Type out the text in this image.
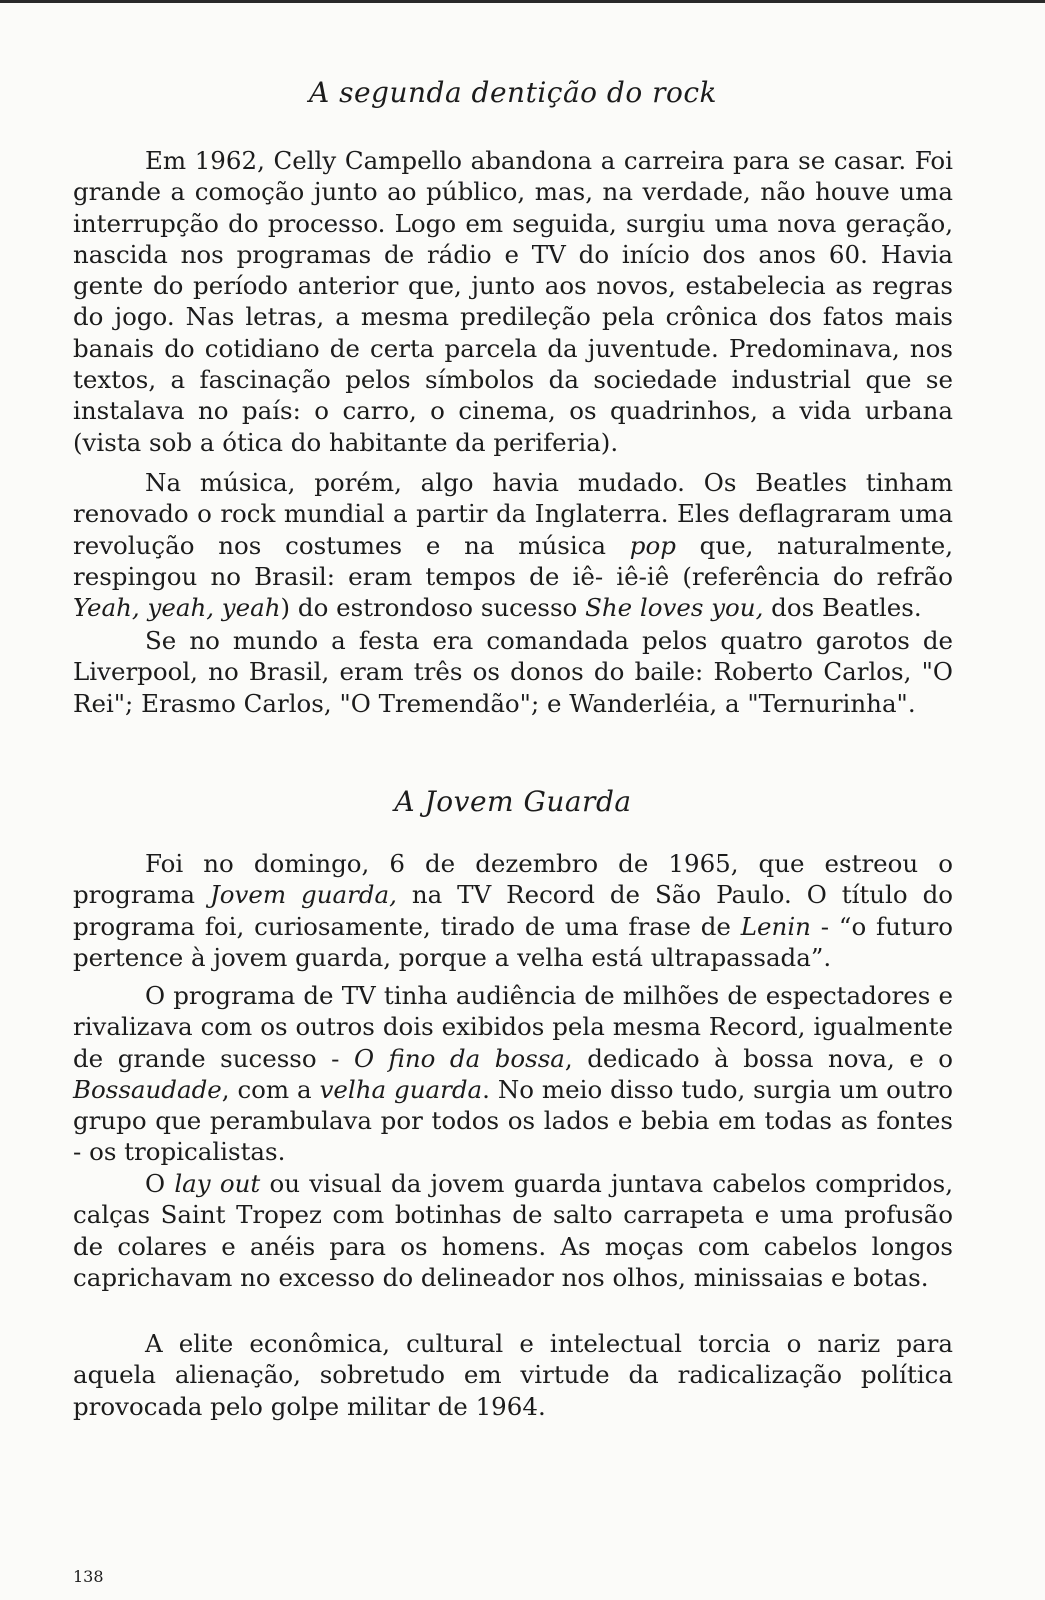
A segunda dentição do rock

Em 1962, Celly Campello abandona a carreira para se casar. Foi grande a comoção junto ao público, mas, na verdade, não houve uma interrupção do processo. Logo em seguida, surgiu uma nova geração, nascida nos programas de rádio e TV do início dos anos 60. Havia gente do período anterior que, junto aos novos, estabelecia as regras do jogo. Nas letras, a mesma predileção pela crônica dos fatos mais banais do cotidiano de certa parcela da juventude. Predominava, nos textos, a fascinação pelos símbolos da sociedade industrial que se instalava no país: o carro, o cinema, os quadrinhos, a vida urbana (vista sob a ótica do habitante da periferia).

Na música, porém, algo havia mudado. Os Beatles tinham renovado o rock mundial a partir da Inglaterra. Eles deflagraram uma revolução nos costumes e na música pop que, naturalmente, respingou no Brasil: eram tempos de iê- iê-iê (referência do refrão Yeah, yeah, yeah) do estrondoso sucesso She loves you, dos Beatles.

Se no mundo a festa era comandada pelos quatro garotos de Liverpool, no Brasil, eram três os donos do baile: Roberto Carlos, "O Rei"; Erasmo Carlos, "O Tremendão"; e Wanderléia, a "Ternurinha".

A Jovem Guarda

Foi no domingo, 6 de dezembro de 1965, que estreou o programa Jovem guarda, na TV Record de São Paulo. O título do programa foi, curiosamente, tirado de uma frase de Lenin - “o futuro pertence à jovem guarda, porque a velha está ultrapassada”.

O programa de TV tinha audiência de milhões de espectadores e rivalizava com os outros dois exibidos pela mesma Record, igualmente de grande sucesso - O fino da bossa, dedicado à bossa nova, e o Bossaudade, com a velha guarda. No meio disso tudo, surgia um outro grupo que perambulava por todos os lados e bebia em todas as fontes - os tropicalistas.

O lay out ou visual da jovem guarda juntava cabelos compridos, calças Saint Tropez com botinhas de salto carrapeta e uma profusão de colares e anéis para os homens. As moças com cabelos longos caprichavam no excesso do delineador nos olhos, minissaias e botas.

A elite econômica, cultural e intelectual torcia o nariz para aquela alienação, sobretudo em virtude da radicalização política provocada pelo golpe militar de 1964.

138
